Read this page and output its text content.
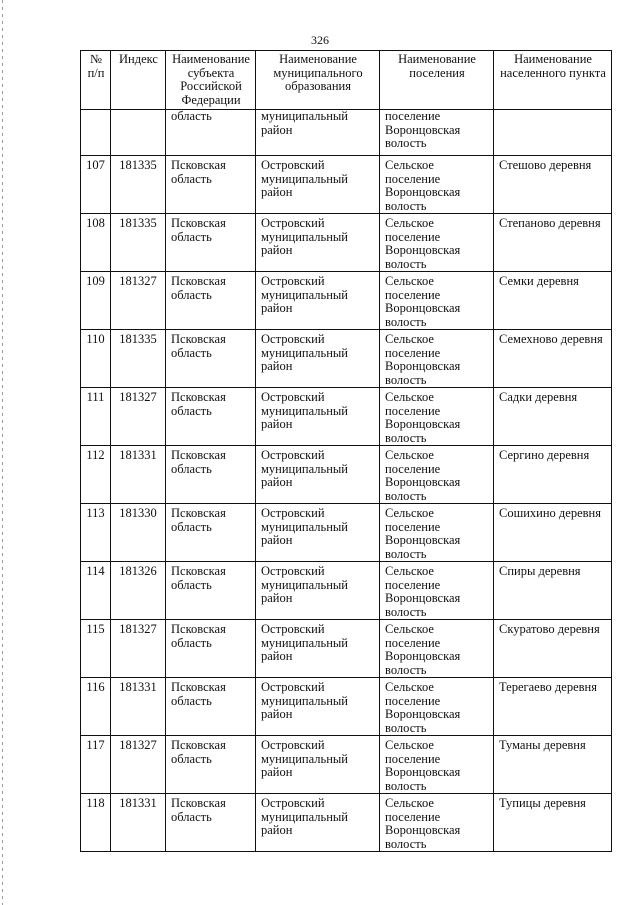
326
№ п/п	Индекс	Наименование субъекта Российской Федерации	Наименование муниципального образования	Наименование поселения	Наименование населенного пункта
		область	муниципальный район	поселение Воронцовская волость	
107	181335	Псковская область	Островский муниципальный район	Сельское поселение Воронцовская волость	Стешово деревня
108	181335	Псковская область	Островский муниципальный район	Сельское поселение Воронцовская волость	Степаново деревня
109	181327	Псковская область	Островский муниципальный район	Сельское поселение Воронцовская волость	Семки деревня
110	181335	Псковская область	Островский муниципальный район	Сельское поселение Воронцовская волость	Семехново деревня
111	181327	Псковская область	Островский муниципальный район	Сельское поселение Воронцовская волость	Садки деревня
112	181331	Псковская область	Островский муниципальный район	Сельское поселение Воронцовская волость	Сергино деревня
113	181330	Псковская область	Островский муниципальный район	Сельское поселение Воронцовская волость	Сошихино деревня
114	181326	Псковская область	Островский муниципальный район	Сельское поселение Воронцовская волость	Спиры деревня
115	181327	Псковская область	Островский муниципальный район	Сельское поселение Воронцовская волость	Скуратово деревня
116	181331	Псковская область	Островский муниципальный район	Сельское поселение Воронцовская волость	Терегаево деревня
117	181327	Псковская область	Островский муниципальный район	Сельское поселение Воронцовская волость	Туманы деревня
118	181331	Псковская область	Островский муниципальный район	Сельское поселение Воронцовская волость	Тупицы деревня
